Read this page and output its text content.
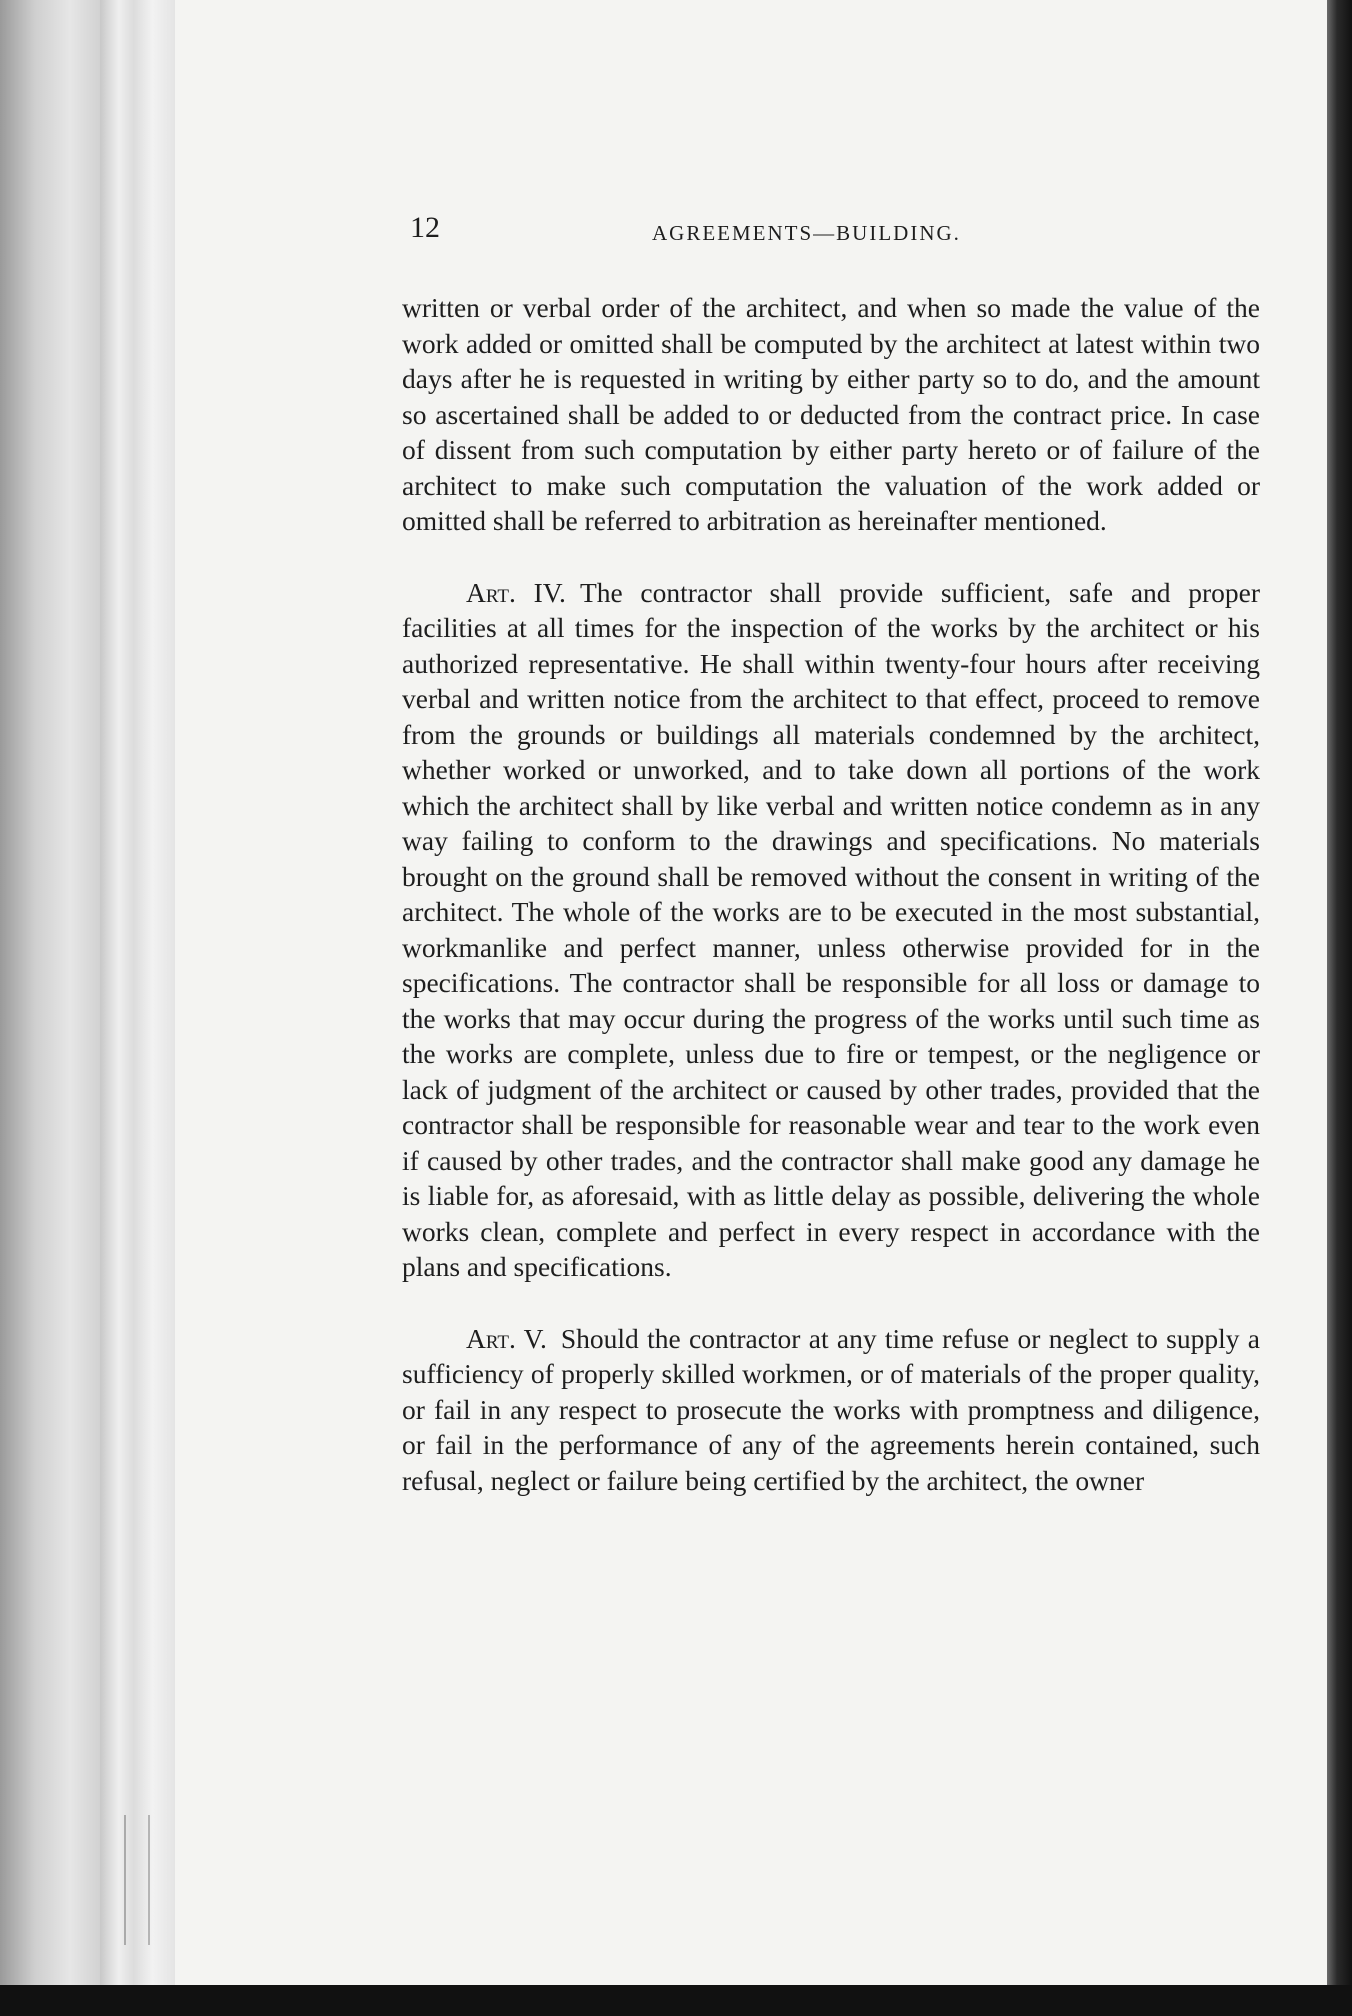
12	AGREEMENTS—BUILDING.

written or verbal order of the architect, and when so made the value of the work added or omitted shall be computed by the architect at latest within two days after he is requested in writing by either party so to do, and the amount so ascertained shall be added to or deducted from the contract price. In case of dissent from such computation by either party hereto or of failure of the architect to make such computation the valuation of the work added or omitted shall be referred to arbitration as hereinafter mentioned.

Art. IV. The contractor shall provide sufficient, safe and proper facilities at all times for the inspection of the works by the architect or his authorized representative. He shall within twenty-four hours after receiving verbal and written notice from the architect to that effect, proceed to remove from the grounds or buildings all materials condemned by the architect, whether worked or unworked, and to take down all portions of the work which the architect shall by like verbal and written notice condemn as in any way failing to conform to the drawings and specifications. No materials brought on the ground shall be removed without the consent in writing of the architect. The whole of the works are to be executed in the most substantial, workmanlike and perfect manner, unless otherwise provided for in the specifications. The contractor shall be responsible for all loss or damage to the works that may occur during the progress of the works until such time as the works are complete, unless due to fire or tempest, or the negligence or lack of judgment of the architect or caused by other trades, provided that the contractor shall be responsible for reasonable wear and tear to the work even if caused by other trades, and the contractor shall make good any damage he is liable for, as aforesaid, with as little delay as possible, delivering the whole works clean, complete and perfect in every respect in accordance with the plans and specifications.

Art. V. Should the contractor at any time refuse or neglect to supply a sufficiency of properly skilled workmen, or of materials of the proper quality, or fail in any respect to prosecute the works with promptness and diligence, or fail in the performance of any of the agreements herein contained, such refusal, neglect or failure being certified by the architect, the owner
